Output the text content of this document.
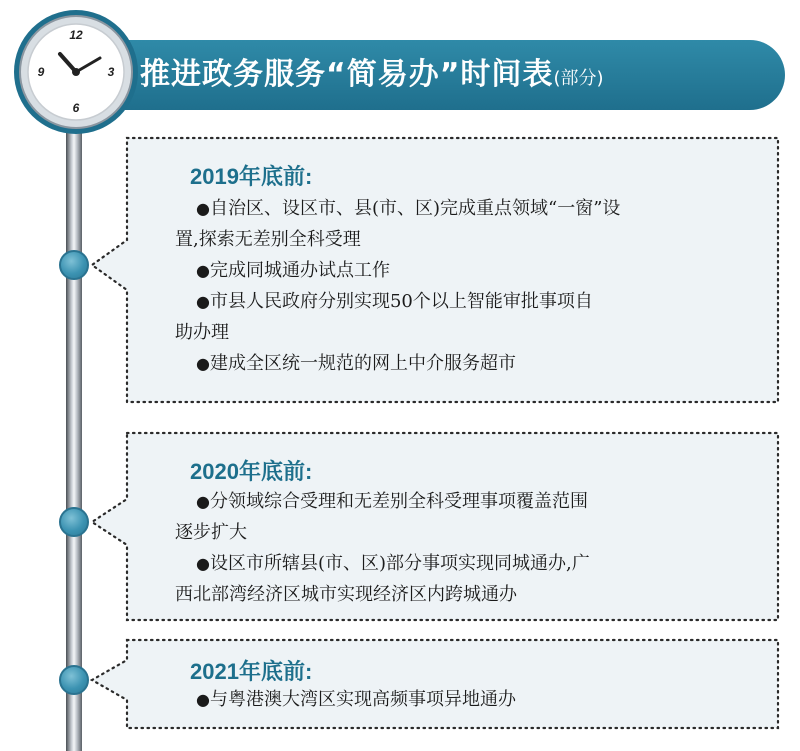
推进政务服务“简易办”时间表(部分)
12
3
6
9
2019年底前:
●自治区、设区市、县(市、区)完成重点领域“一窗”设
置,探索无差别全科受理
●完成同城通办试点工作
●市县人民政府分别实现50个以上智能审批事项自
助办理
●建成全区统一规范的网上中介服务超市
2020年底前:
●分领域综合受理和无差别全科受理事项覆盖范围
逐步扩大
●设区市所辖县(市、区)部分事项实现同城通办,广
西北部湾经济区城市实现经济区内跨城通办
2021年底前:
●与粤港澳大湾区实现高频事项异地通办
